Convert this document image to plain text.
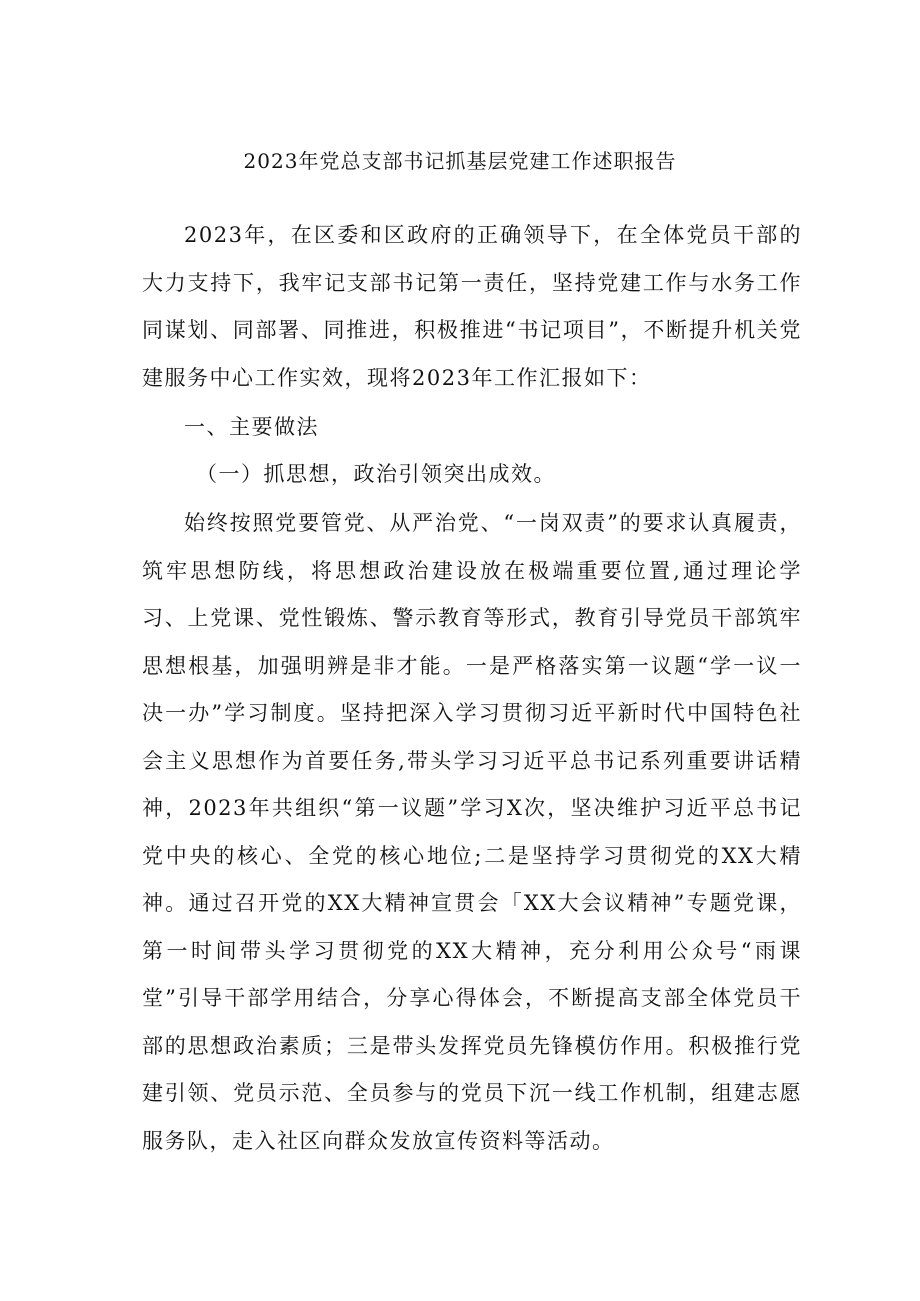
2023年党总支部书记抓基层党建工作述职报告
2023年，在区委和区政府的正确领导下，在全体党员干部的大力支持下，我牢记支部书记第一责任，坚持党建工作与水务工作同谋划、同部署、同推进，积极推进“书记项目”，不断提升机关党建服务中心工作实效，现将2023年工作汇报如下：
一、主要做法
（一）抓思想，政治引领突出成效。
始终按照党要管党、从严治党、“一岗双责”的要求认真履责，筑牢思想防线，将思想政治建设放在极端重要位置,通过理论学习、上党课、党性锻炼、警示教育等形式，教育引导党员干部筑牢思想根基，加强明辨是非才能。一是严格落实第一议题“学一议一决一办”学习制度。坚持把深入学习贯彻习近平新时代中国特色社会主义思想作为首要任务,带头学习习近平总书记系列重要讲话精神，2023年共组织“第一议题”学习X次，坚决维护习近平总书记党中央的核心、全党的核心地位;二是坚持学习贯彻党的XX大精神。通过召开党的XX大精神宣贯会「XX大会议精神”专题党课，第一时间带头学习贯彻党的XX大精神，充分利用公众号“雨课堂”引导干部学用结合，分享心得体会，不断提高支部全体党员干部的思想政治素质；三是带头发挥党员先锋模仿作用。积极推行党建引领、党员示范、全员参与的党员下沉一线工作机制，组建志愿服务队，走入社区向群众发放宣传资料等活动。
